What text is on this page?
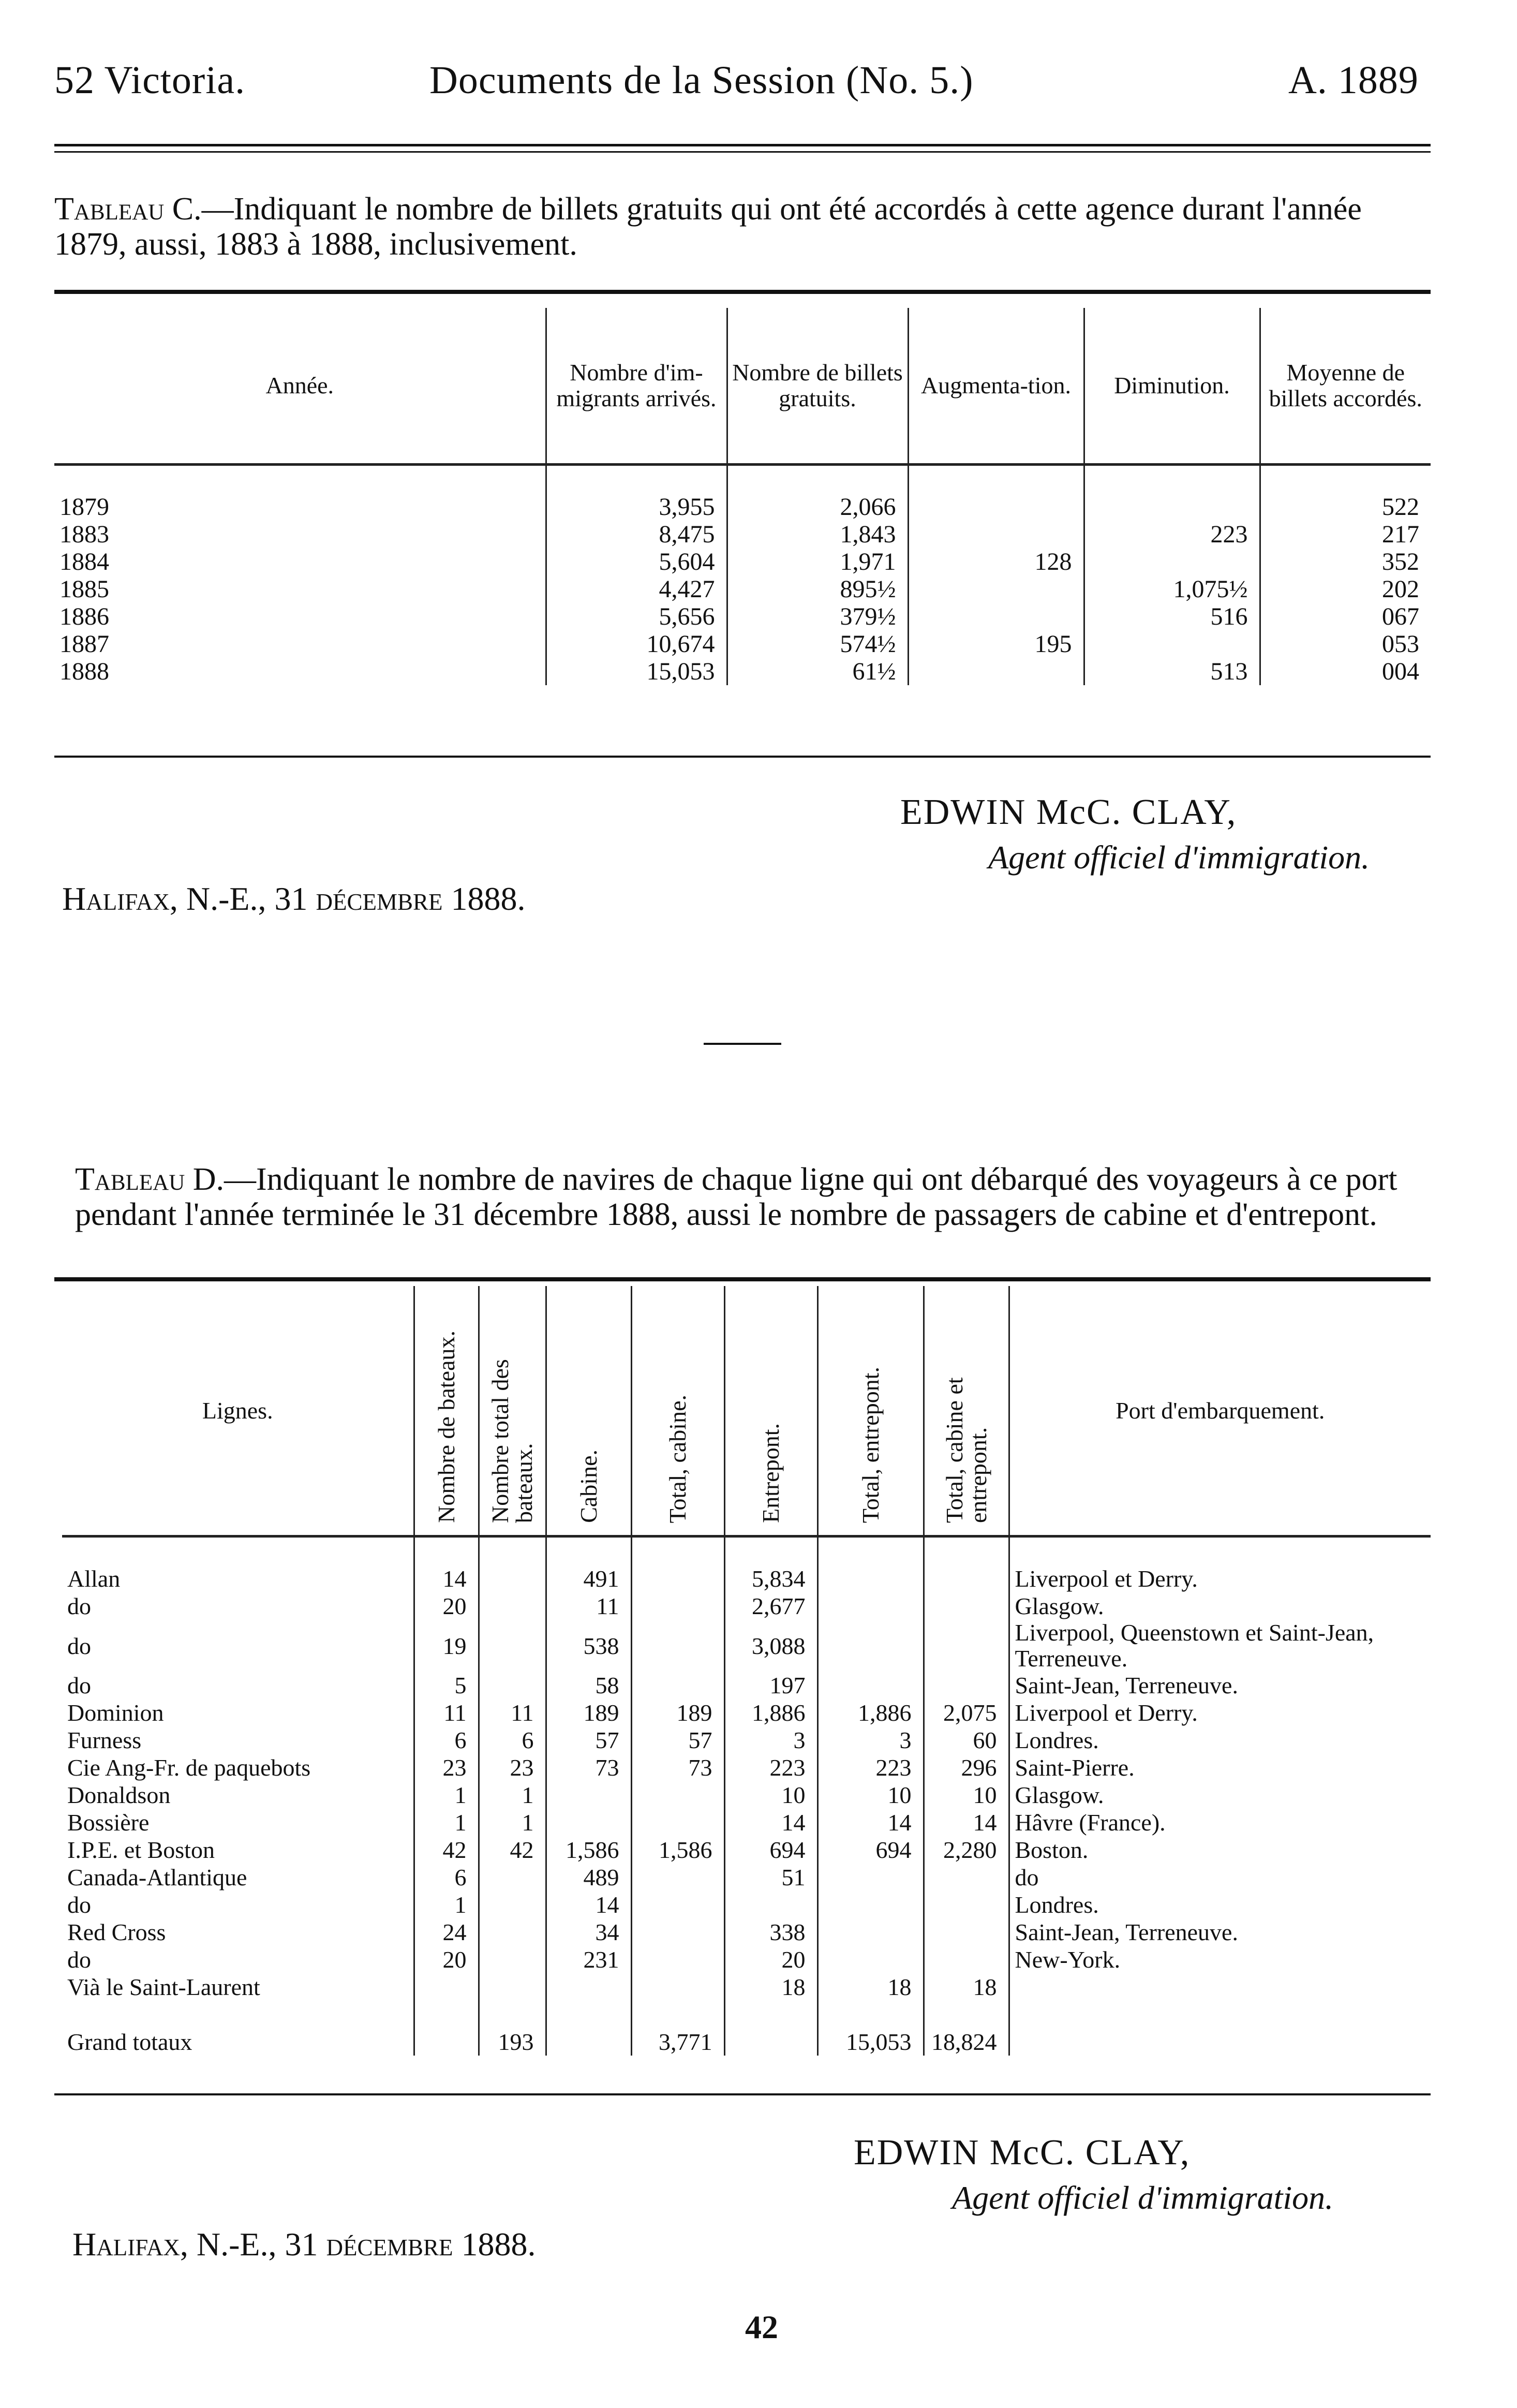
52 Victoria.	Documents de la Session (No. 5.)	A. 1889
Tableau C.—Indiquant le nombre de billets gratuits qui ont été accordés à cette agence durant l'année 1879, aussi, 1883 à 1888, inclusivement.
Année.	Nombre d'im-migrants arrivés.	Nombre de billets gratuits.	Augmenta-tion.	Diminution.	Moyenne de billets accordés.

1879	3,955	2,066			522
1883	8,475	1,843		223	217
1884	5,604	1,971	128		352
1885	4,427	895½		1,075½	202
1886	5,656	379½		516	067
1887	10,674	574½	195		053
1888	15,053	61½		513	004
EDWIN McC. CLAY,
Agent officiel d'immigration.
Halifax, N.-E., 31 décembre 1888.
Tableau D.—Indiquant le nombre de navires de chaque ligne qui ont débarqué des voyageurs à ce port pendant l'année terminée le 31 décembre 1888, aussi le nombre de passagers de cabine et d'entrepont.
Lignes.	Nombre de bateaux.	Nombre total des bateaux.	Cabine.	Total, cabine.	Entrepont.	Total, entrepont.	Total, cabine et entrepont.	Port d'embarquement.

Allan	14		491		5,834			Liverpool et Derry.
do	20		11		2,677			Glasgow.
do	19		538		3,088			Liverpool, Queenstown et Saint-Jean, Terreneuve.
do	5		58		197			Saint-Jean, Terreneuve.
Dominion	11	11	189	189	1,886	1,886	2,075	Liverpool et Derry.
Furness	6	6	57	57	3	3	60	Londres.
Cie Ang-Fr. de paquebots	23	23	73	73	223	223	296	Saint-Pierre.
Donaldson	1	1			10	10	10	Glasgow.
Bossière	1	1			14	14	14	Hâvre (France).
I.P.E. et Boston	42	42	1,586	1,586	694	694	2,280	Boston.
Canada-Atlantique	6		489		51			do
do	1		14					Londres.
Red Cross	24		34		338			Saint-Jean, Terreneuve.
do	20		231		20			New-York.
Vià le Saint-Laurent					18	18	18	

Grand totaux		193		3,771		15,053	18,824	
EDWIN McC. CLAY,
Agent officiel d'immigration.
Halifax, N.-E., 31 décembre 1888.
42
